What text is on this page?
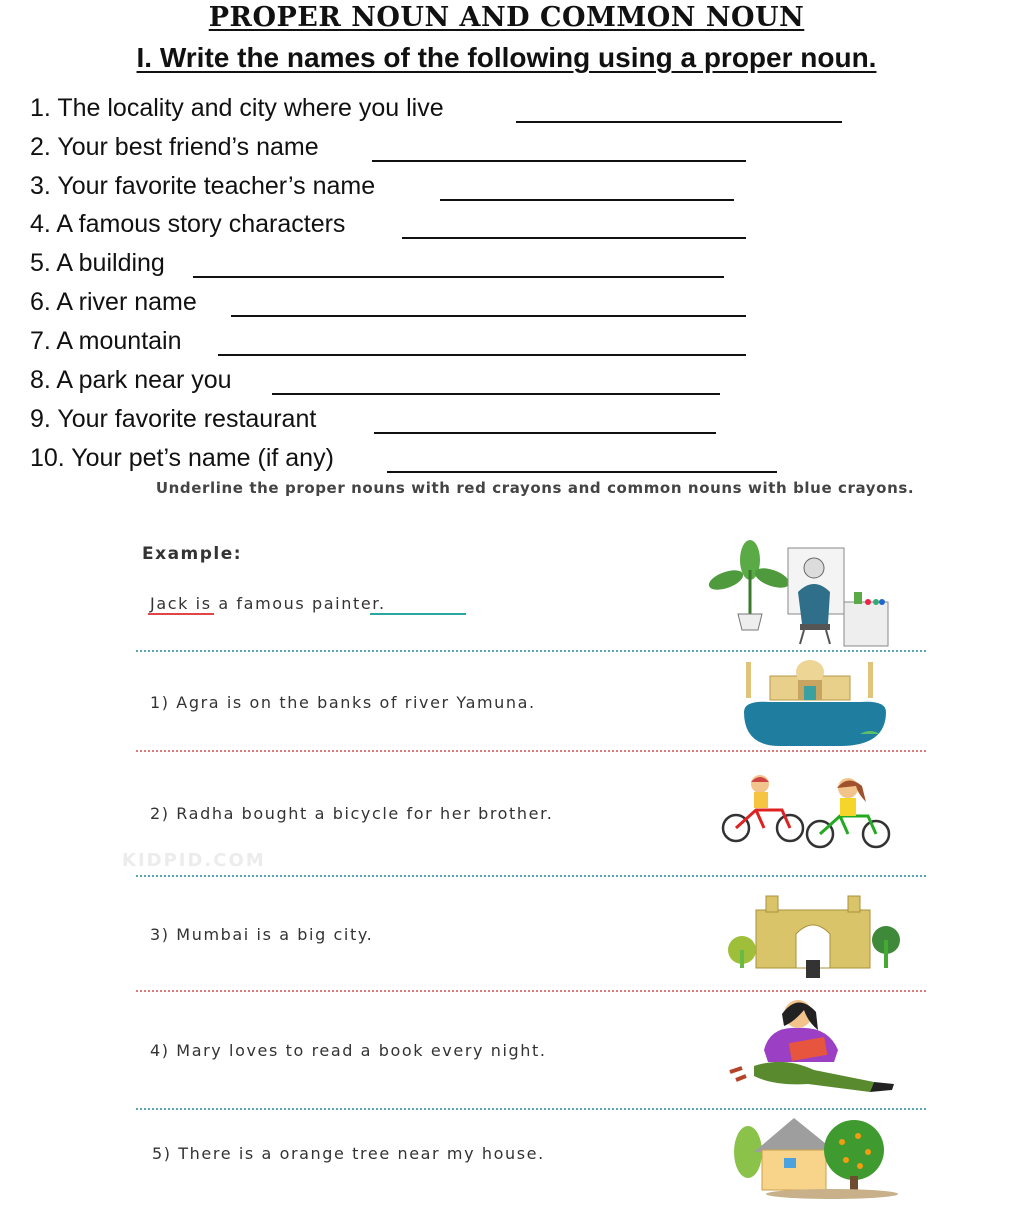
PROPER NOUN AND COMMON NOUN
I. Write the names of the following using a proper noun.
1. The locality and city where you live
2. Your best friend’s name
3. Your favorite teacher’s name
4. A famous story characters
5. A building
6. A river name
7. A mountain
8. A park near you
9. Your favorite restaurant
10. Your pet’s name (if any)
Underline the proper nouns with red crayons and common nouns with blue crayons.
Example:
Jack is a famous painter.
1) Agra is on the banks of river Yamuna.
2) Radha bought a bicycle for her brother.
KIDPID.COM
3) Mumbai is a big city.
4) Mary loves to read a book every night.
5) There is a orange tree near my house.
